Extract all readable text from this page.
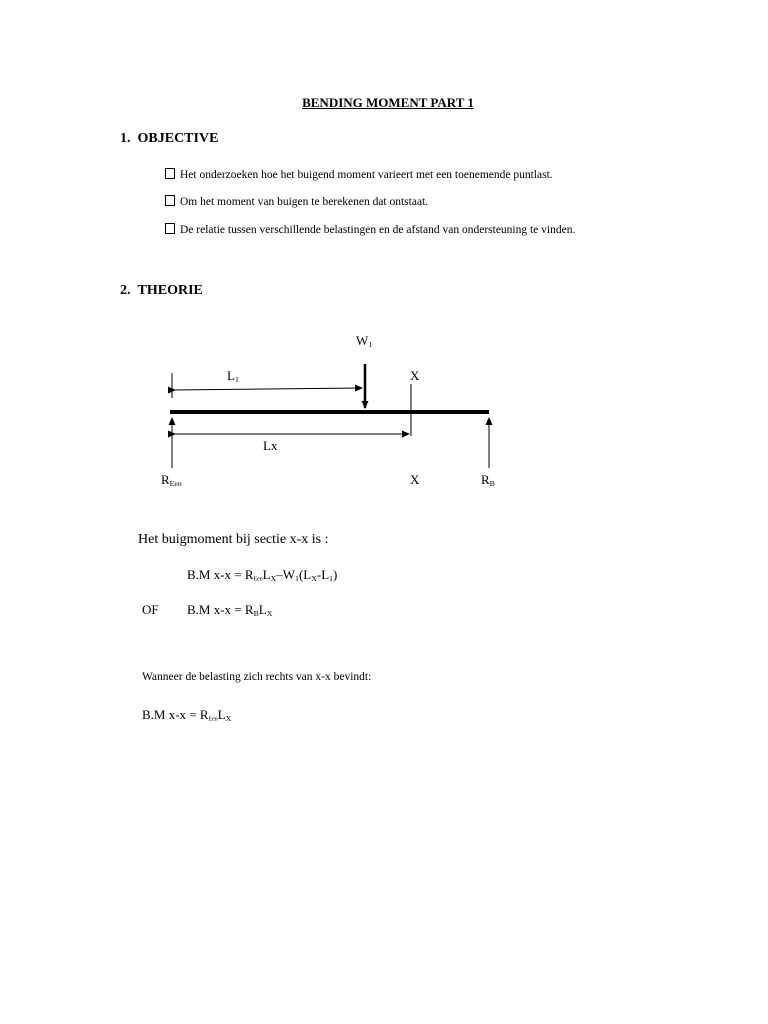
BENDING MOMENT PART 1
1. OBJECTIVE
Het onderzoeken hoe het buigend moment varieert met een toenemende puntlast.
Om het moment van buigen te berekenen dat ontstaat.
De relatie tussen verschillende belastingen en de afstand van ondersteuning te vinden.
2. THEORIE
$W_1$
$L_1$	X
Lx
$R_{Een}$	X	$R_B$
Het buigmoment bij sectie x-x is :
B.M $x-x = R_{Een}L_X-W_1(L_X-L_1)$
OF B.M $x-x = R_BL_X$
Wanneer de belasting zich rechts van x-x bevindt:
B.M $x-x = R_{Een}L_X$
